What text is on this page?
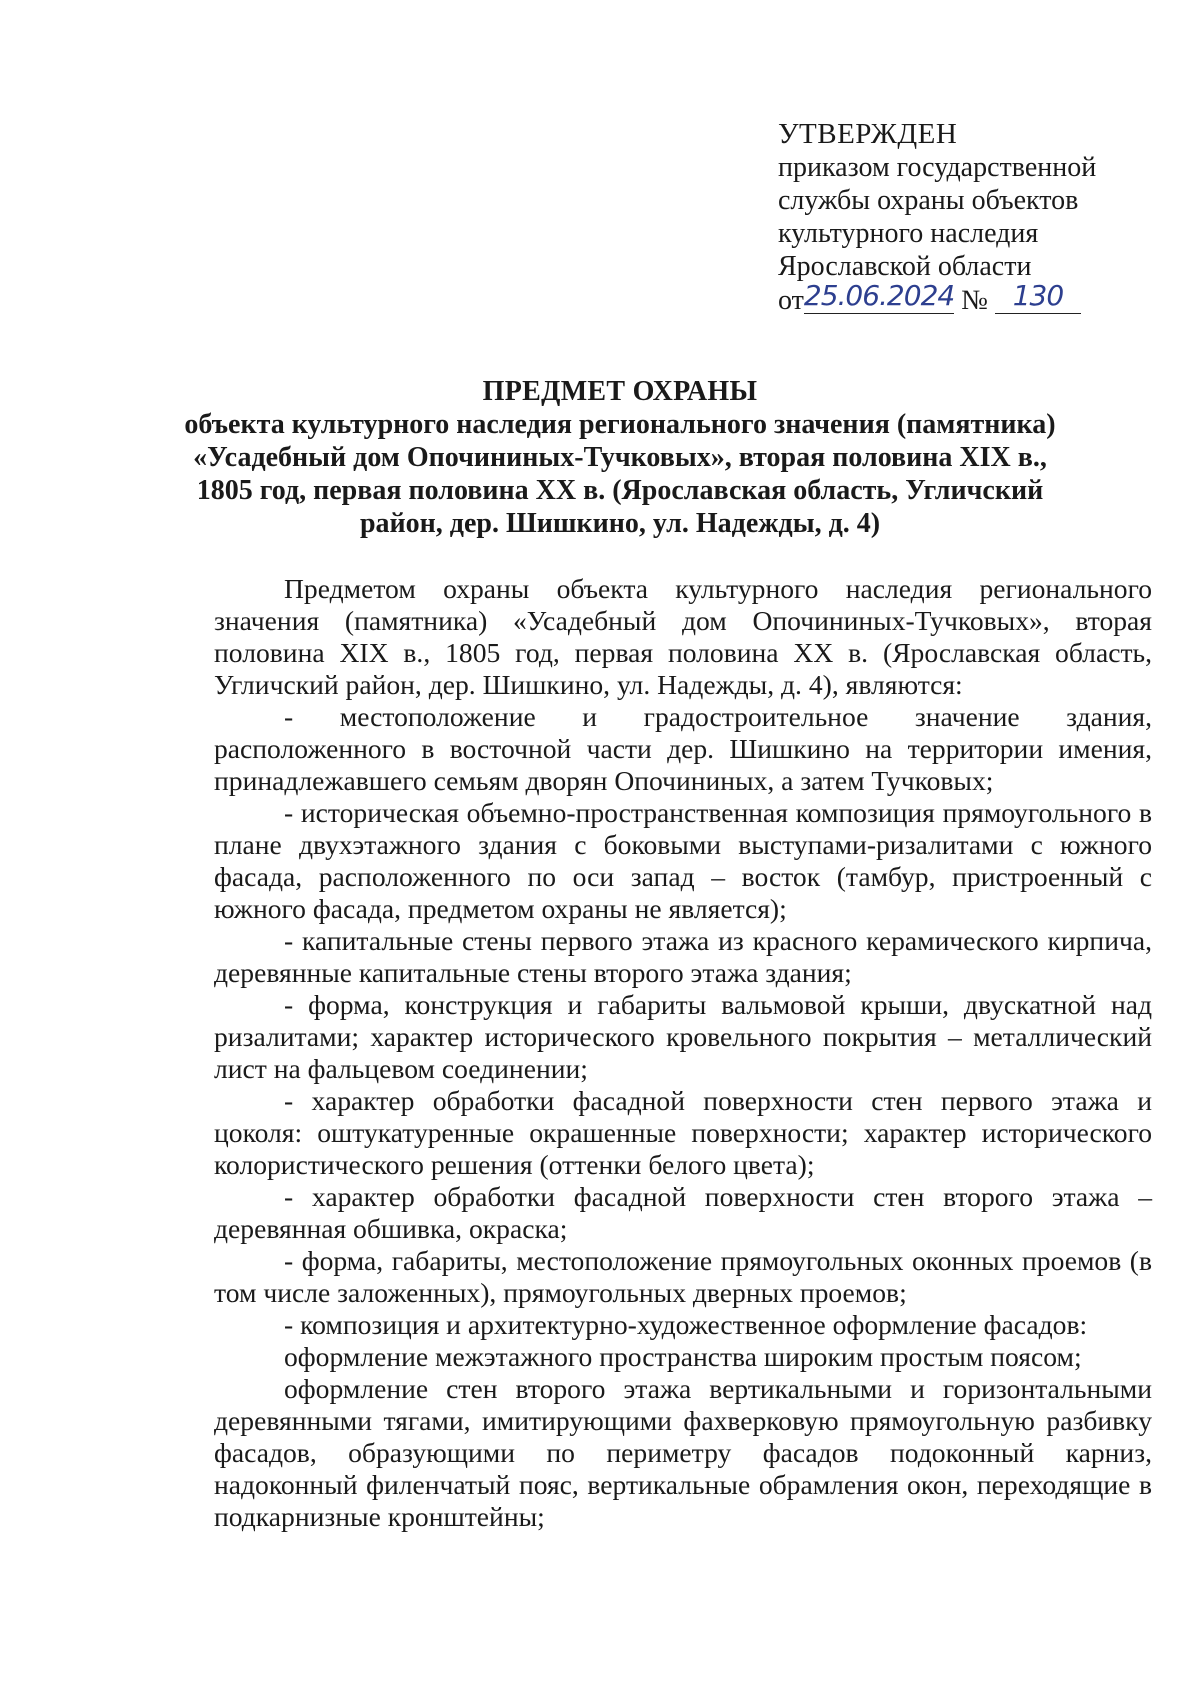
УТВЕРЖДЕН
приказом государственной
службы охраны объектов
культурного наследия
Ярославской области
от25.06.2024 № 130
ПРЕДМЕТ ОХРАНЫ
объекта культурного наследия регионального значения (памятника)
«Усадебный дом Опочининых-Тучковых», вторая половина XIX в.,
1805 год, первая половина XX в. (Ярославская область, Угличский
район, дер. Шишкино, ул. Надежды, д. 4)

Предметом охраны объекта культурного наследия регионального значения (памятника) «Усадебный дом Опочининых-Тучковых», вторая половина XIX в., 1805 год, первая половина XX в. (Ярославская область, Угличский район, дер. Шишкино, ул. Надежды, д. 4), являются:

- местоположение и градостроительное значение здания, расположенного в восточной части дер. Шишкино на территории имения, принадлежавшего семьям дворян Опочининых, а затем Тучковых;

- историческая объемно-пространственная композиция прямоугольного в плане двухэтажного здания с боковыми выступами-ризалитами с южного фасада, расположенного по оси запад – восток (тамбур, пристроенный с южного фасада, предметом охраны не является);

- капитальные стены первого этажа из красного керамического кирпича, деревянные капитальные стены второго этажа здания;

- форма, конструкция и габариты вальмовой крыши, двускатной над ризалитами; характер исторического кровельного покрытия – металлический лист на фальцевом соединении;

- характер обработки фасадной поверхности стен первого этажа и цоколя: оштукатуренные окрашенные поверхности; характер исторического колористического решения (оттенки белого цвета);

- характер обработки фасадной поверхности стен второго этажа – деревянная обшивка, окраска;

- форма, габариты, местоположение прямоугольных оконных проемов (в том числе заложенных), прямоугольных дверных проемов;

- композиция и архитектурно-художественное оформление фасадов:

оформление межэтажного пространства широким простым поясом;

оформление стен второго этажа вертикальными и горизонтальными деревянными тягами, имитирующими фахверковую прямоугольную разбивку фасадов, образующими по периметру фасадов подоконный карниз, надоконный филенчатый пояс, вертикальные обрамления окон, переходящие в подкарнизные кронштейны;
